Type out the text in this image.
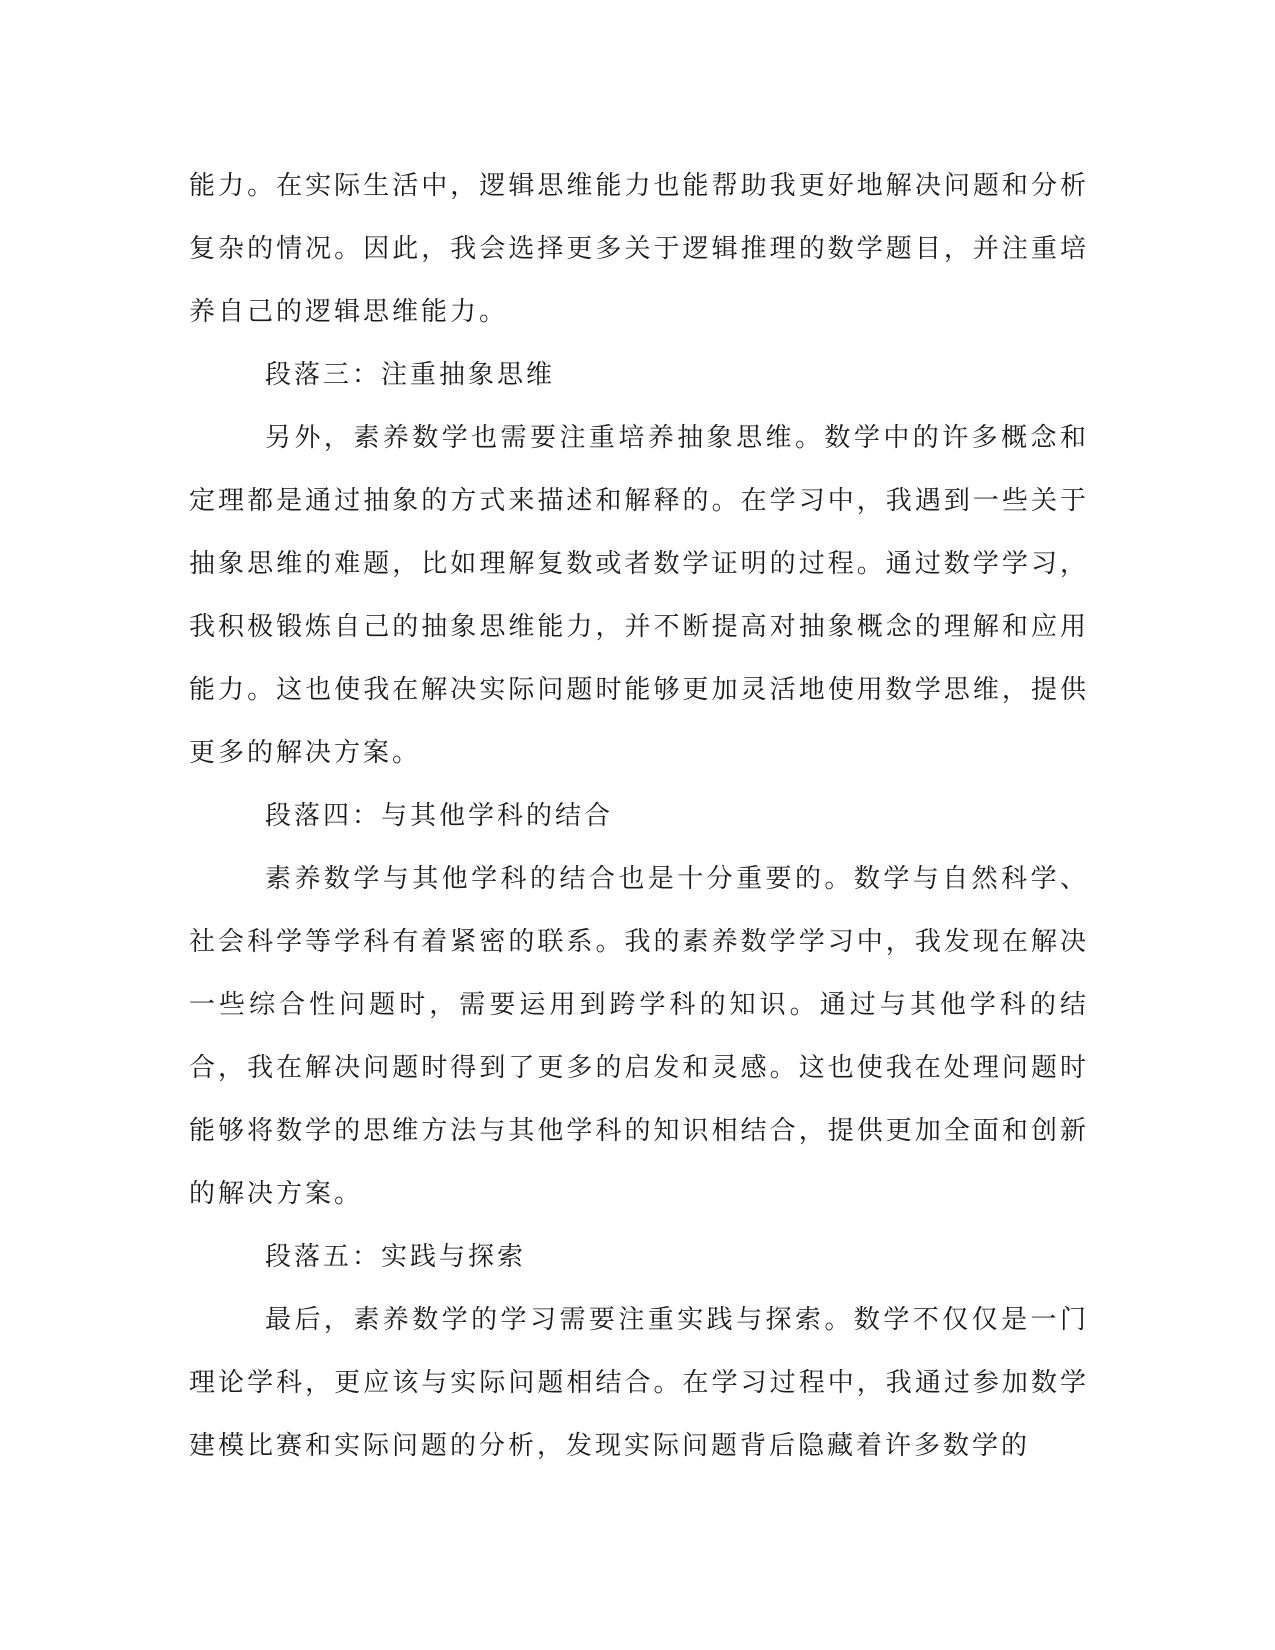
能力。在实际生活中，逻辑思维能力也能帮助我更好地解决问题和分析复杂的情况。因此，我会选择更多关于逻辑推理的数学题目，并注重培养自己的逻辑思维能力。

段落三：注重抽象思维

另外，素养数学也需要注重培养抽象思维。数学中的许多概念和定理都是通过抽象的方式来描述和解释的。在学习中，我遇到一些关于抽象思维的难题，比如理解复数或者数学证明的过程。通过数学学习，我积极锻炼自己的抽象思维能力，并不断提高对抽象概念的理解和应用能力。这也使我在解决实际问题时能够更加灵活地使用数学思维，提供更多的解决方案。

段落四：与其他学科的结合

素养数学与其他学科的结合也是十分重要的。数学与自然科学、社会科学等学科有着紧密的联系。我的素养数学学习中，我发现在解决一些综合性问题时，需要运用到跨学科的知识。通过与其他学科的结合，我在解决问题时得到了更多的启发和灵感。这也使我在处理问题时能够将数学的思维方法与其他学科的知识相结合，提供更加全面和创新的解决方案。

段落五：实践与探索

最后，素养数学的学习需要注重实践与探索。数学不仅仅是一门理论学科，更应该与实际问题相结合。在学习过程中，我通过参加数学建模比赛和实际问题的分析，发现实际问题背后隐藏着许多数学的
